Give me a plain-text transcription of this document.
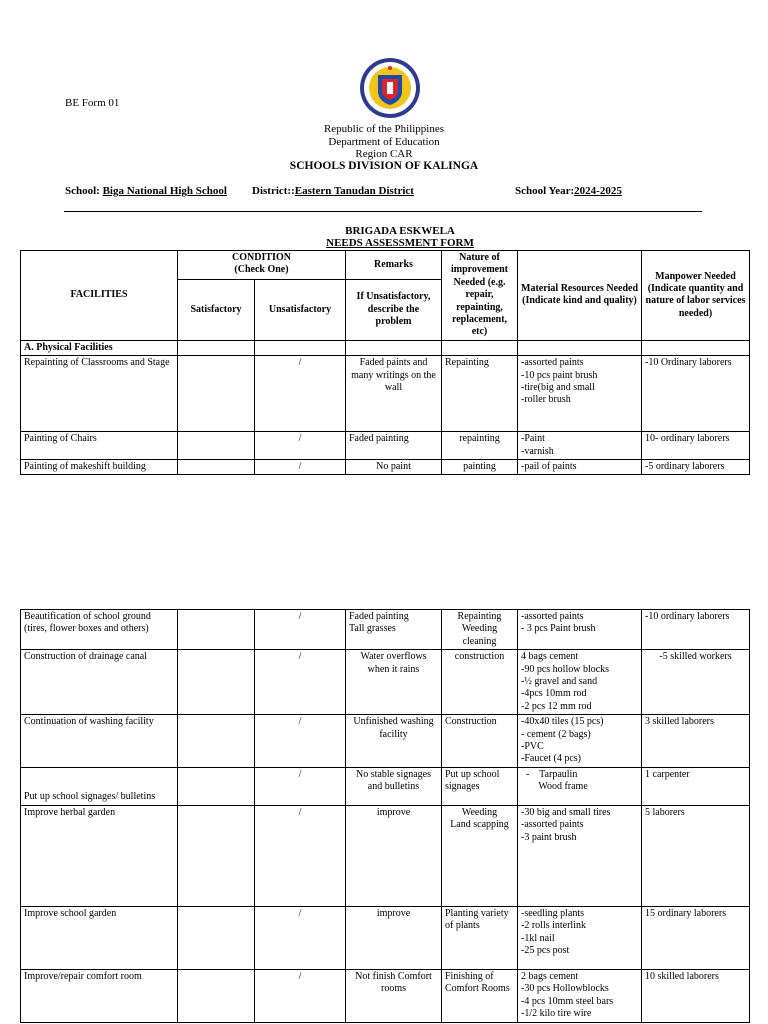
BE Form 01
Republic of the Philippines
Department of Education
Region CAR
SCHOOLS DIVISION OF KALINGA
School: Biga National High School District::Eastern Tanudan District	School Year:2024-2025
BRIGADA ESKWELA
NEEDS ASSESSMENT FORM
FACILITIES	CONDITION
(Check One)		Remarks	Nature of improvement Needed (e.g. repair, repainting, replacement, etc)	Material Resources Needed (Indicate kind and quality)	Manpower Needed (Indicate quantity and nature of labor services needed)
	Satisfactory	Unsatisfactory	If Unsatisfactory, describe the problem			
A. Physical Facilities						
Repainting of Classrooms and Stage		/	Faded paints and many writings on the wall	Repainting	-assorted paints
-10 pcs paint brush
-tire(big and small
-roller brush	-10 Ordinary laborers
Painting of Chairs		/	Faded painting	repainting	-Paint
-varnish	10- ordinary laborers
Painting of makeshift building		/	No paint	painting	-pail of paints	-5 ordinary laborers
Beautification of school ground (tires, flower boxes and others)		/	Faded painting
Tall grasses	Repainting
Weeding
cleaning	-assorted paints
- 3 pcs Paint brush	-10 ordinary laborers
Construction of drainage canal		/	Water overflows when it rains	construction	4 bags cement
-90 pcs hollow blocks
-½ gravel and sand
-4pcs 10mm rod
-2 pcs 12 mm rod	-5 skilled workers
Continuation of washing facility		/	Unfinished washing facility	Construction	-40x40 tiles (15 pcs)
- cement (2 bags)
-PVC
-Faucet (4 pcs)	3 skilled laborers
Put up school signages/ bulletins		/	No stable signages and bulletins	Put up school signages	-    Tarpaulin
Wood frame	1 carpenter
Improve herbal garden		/	improve	Weeding
Land scapping	-30 big and small tires
-assorted paints
-3 paint brush	5 laborers
Improve school garden		/	improve	Planting variety of plants	-seedling plants
-2 rolls interlink
-1kl nail
-25 pcs post	15 ordinary laborers
Improve/repair comfort room		/	Not finish Comfort rooms	Finishing of Comfort Rooms	2 bags cement
-30 pcs Hollowblocks
-4 pcs 10mm steel bars
-1/2 kilo tire wire	10 skilled laborers
